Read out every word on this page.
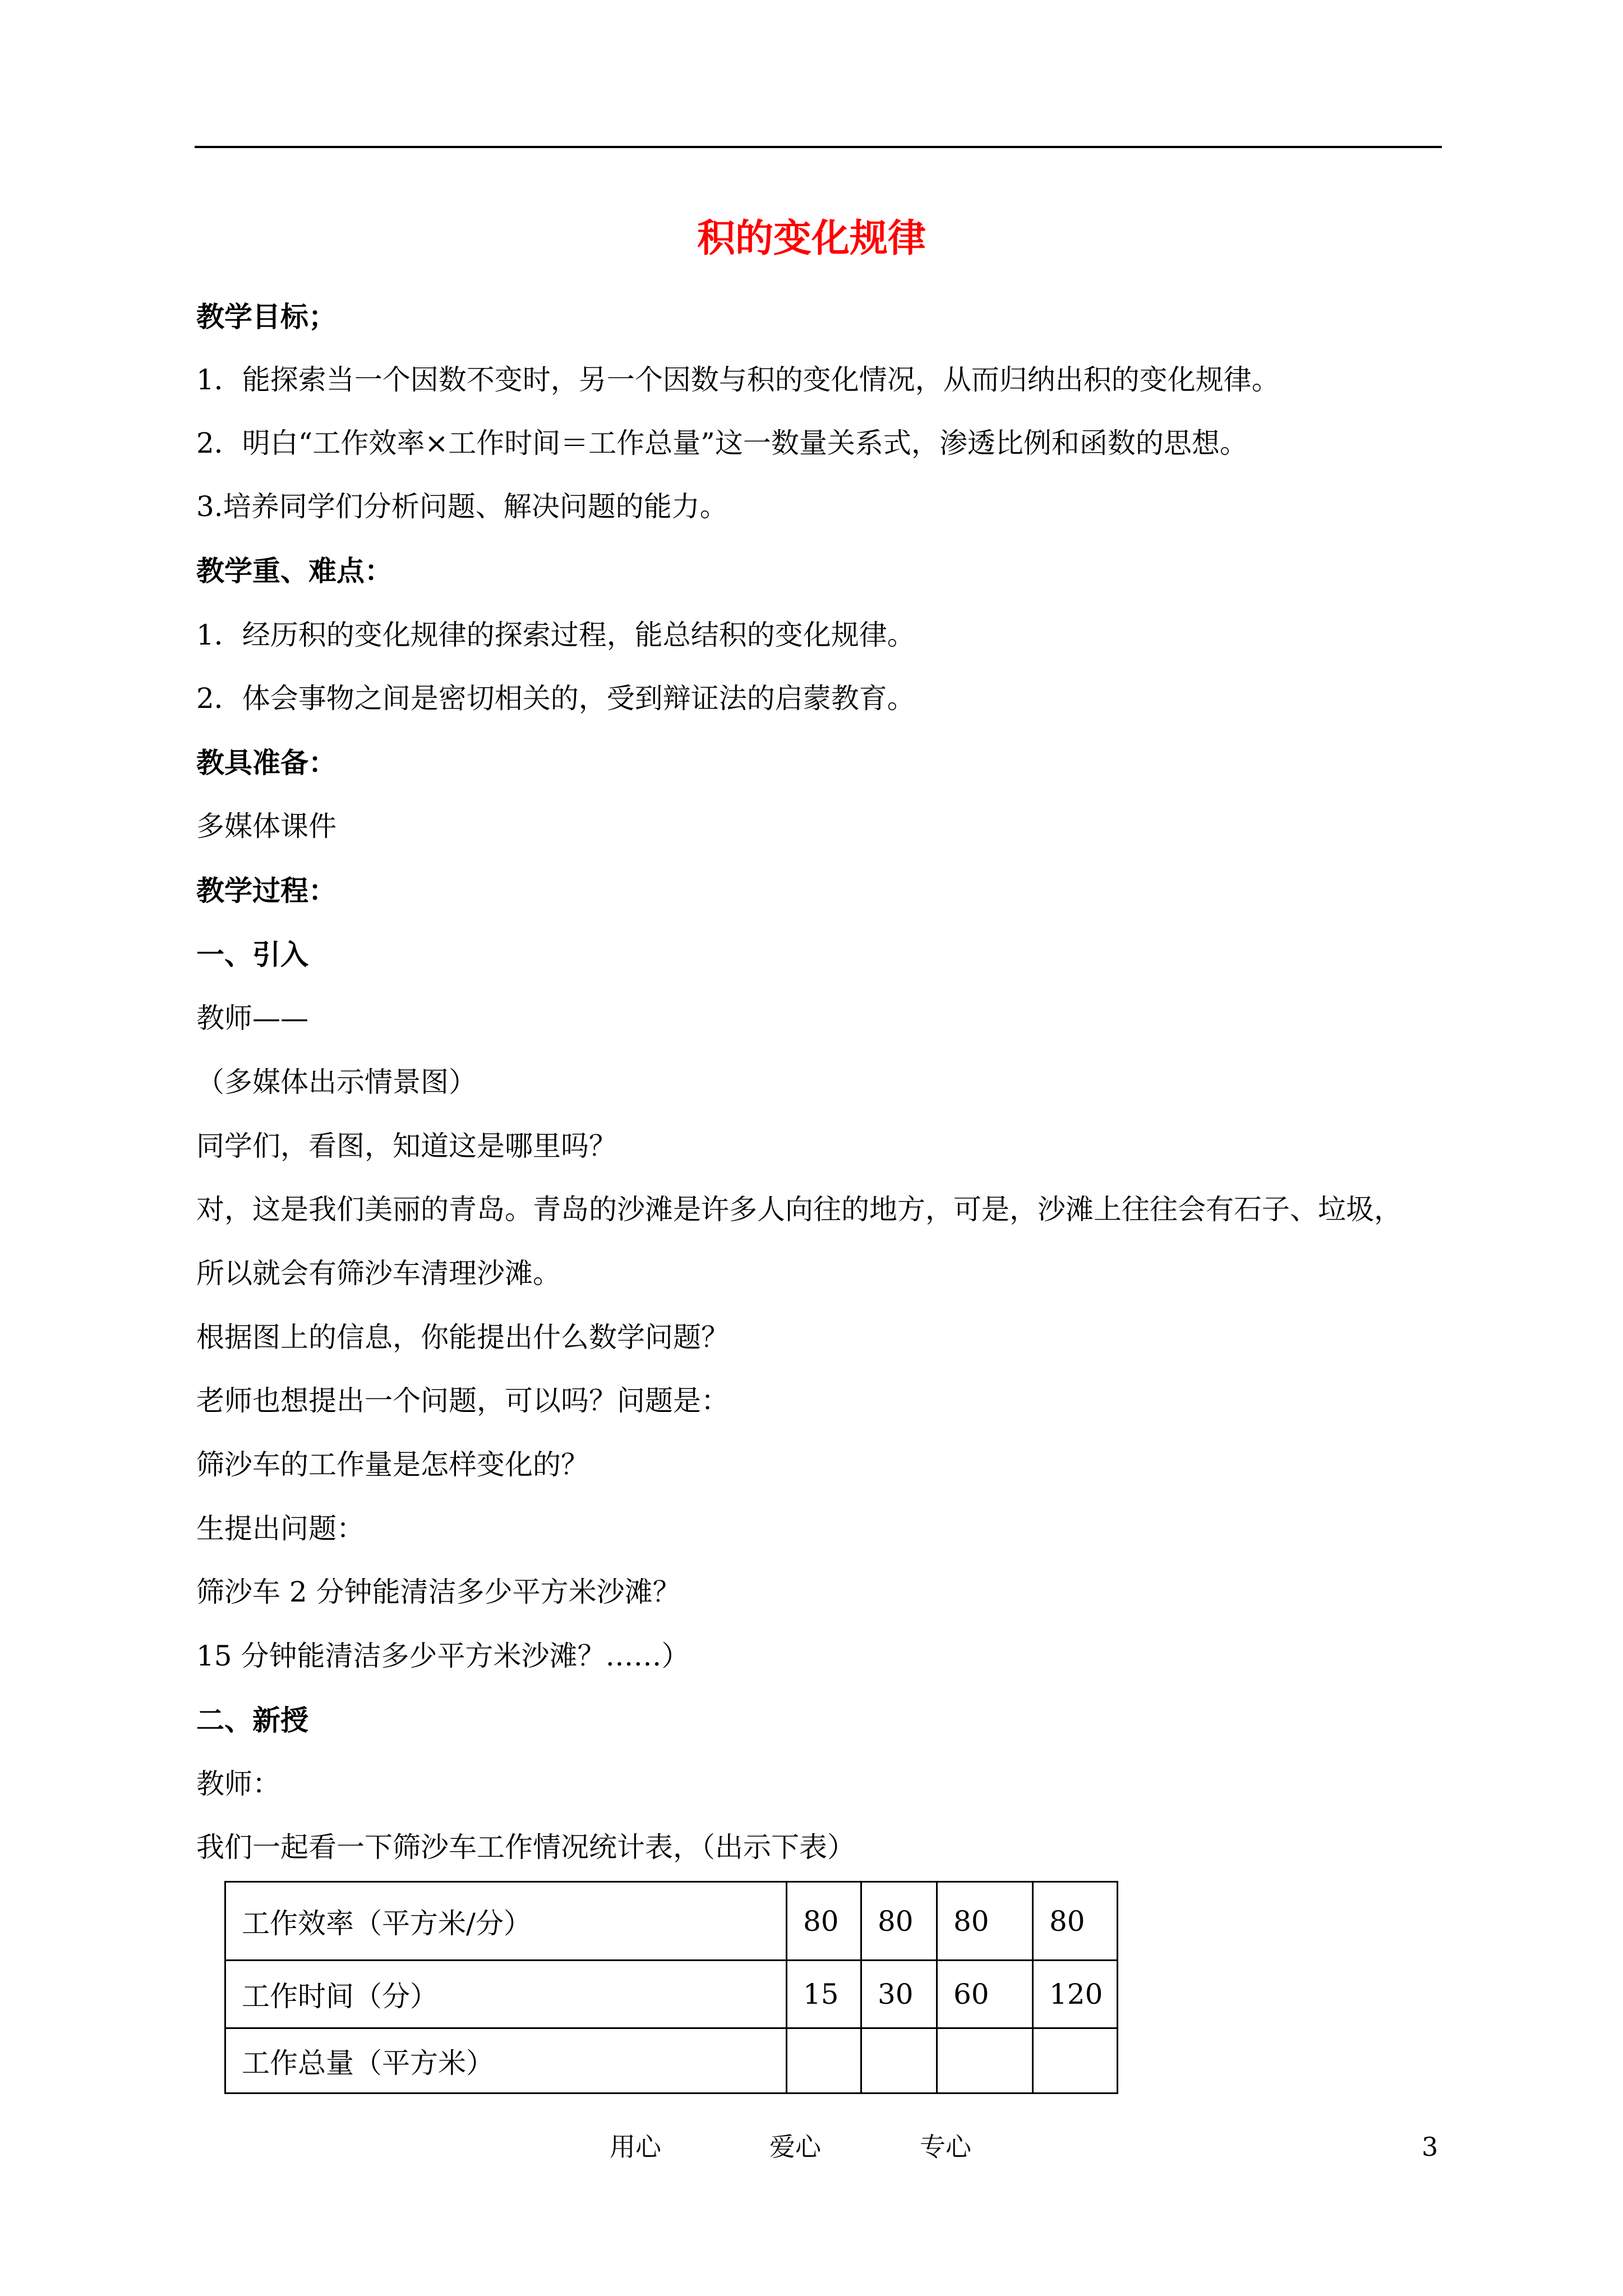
积的变化规律
教学目标；
1．能探索当一个因数不变时，另一个因数与积的变化情况，从而归纳出积的变化规律。
2．明白“工作效率×工作时间＝工作总量”这一数量关系式，渗透比例和函数的思想。
3.培养同学们分析问题、解决问题的能力。
教学重、难点：
1．经历积的变化规律的探索过程，能总结积的变化规律。
2．体会事物之间是密切相关的，受到辩证法的启蒙教育。
教具准备：
多媒体课件
教学过程：
一、引入
教师——
（多媒体出示情景图）
同学们，看图，知道这是哪里吗？
对，这是我们美丽的青岛。青岛的沙滩是许多人向往的地方，可是，沙滩上往往会有石子、垃圾，
所以就会有筛沙车清理沙滩。
根据图上的信息，你能提出什么数学问题？
老师也想提出一个问题，可以吗？问题是：
筛沙车的工作量是怎样变化的？
生提出问题：
筛沙车 2 分钟能清洁多少平方米沙滩？
15 分钟能清洁多少平方米沙滩？……）
二、新授
教师：
我们一起看一下筛沙车工作情况统计表，（出示下表）
工作效率（平方米/分）	80	80	80	80
工作时间（分）	15	30	60	120
工作总量（平方米）				
用心	爱心	专心	3
